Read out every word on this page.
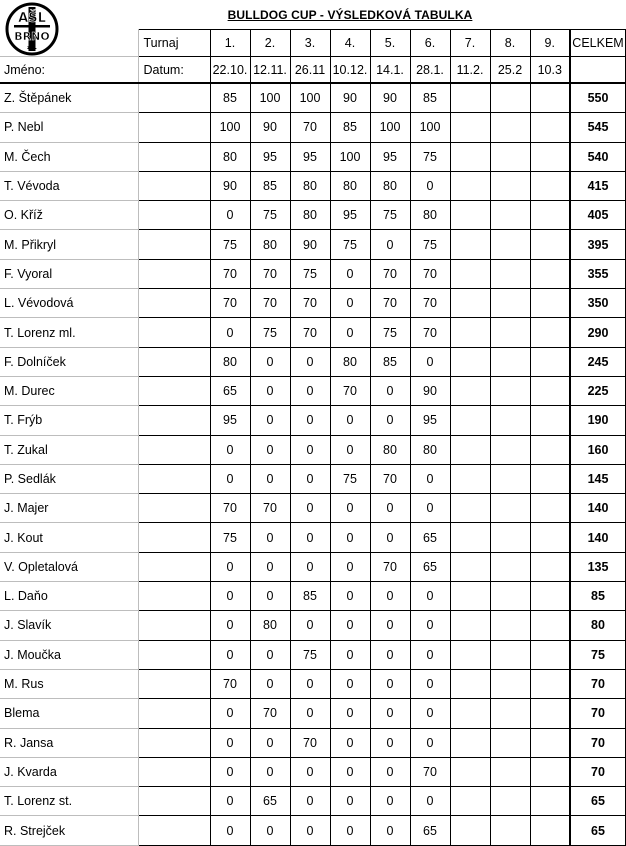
AŠL
BRNO
z.s.
BULLDOG CUP - VÝSLEDKOVÁ TABULKA
	Turnaj	1.	2.	3.	4.	5.	6.	7.	8.	9.	CELKEM
Jméno:	Datum:	22.10.	12.11.	26.11	10.12.	14.1.	28.1.	11.2.	25.2	10.3	
Z. Štěpánek		85	100	100	90	90	85				550
P. Nebl		100	90	70	85	100	100				545
M. Čech		80	95	95	100	95	75				540
T. Vévoda		90	85	80	80	80	0				415
O. Kříž		0	75	80	95	75	80				405
M. Přikryl		75	80	90	75	0	75				395
F. Vyoral		70	70	75	0	70	70				355
L. Vévodová		70	70	70	0	70	70				350
T. Lorenz ml.		0	75	70	0	75	70				290
F. Dolníček		80	0	0	80	85	0				245
M. Durec		65	0	0	70	0	90				225
T. Frýb		95	0	0	0	0	95				190
T. Zukal		0	0	0	0	80	80				160
P. Sedlák		0	0	0	75	70	0				145
J. Majer		70	70	0	0	0	0				140
J. Kout		75	0	0	0	0	65				140
V. Opletalová		0	0	0	0	70	65				135
L. Daňo		0	0	85	0	0	0				85
J. Slavík		0	80	0	0	0	0				80
J. Moučka		0	0	75	0	0	0				75
M. Rus		70	0	0	0	0	0				70
Blema		0	70	0	0	0	0				70
R. Jansa		0	0	70	0	0	0				70
J. Kvarda		0	0	0	0	0	70				70
T. Lorenz st.		0	65	0	0	0	0				65
R. Strejček		0	0	0	0	0	65				65
